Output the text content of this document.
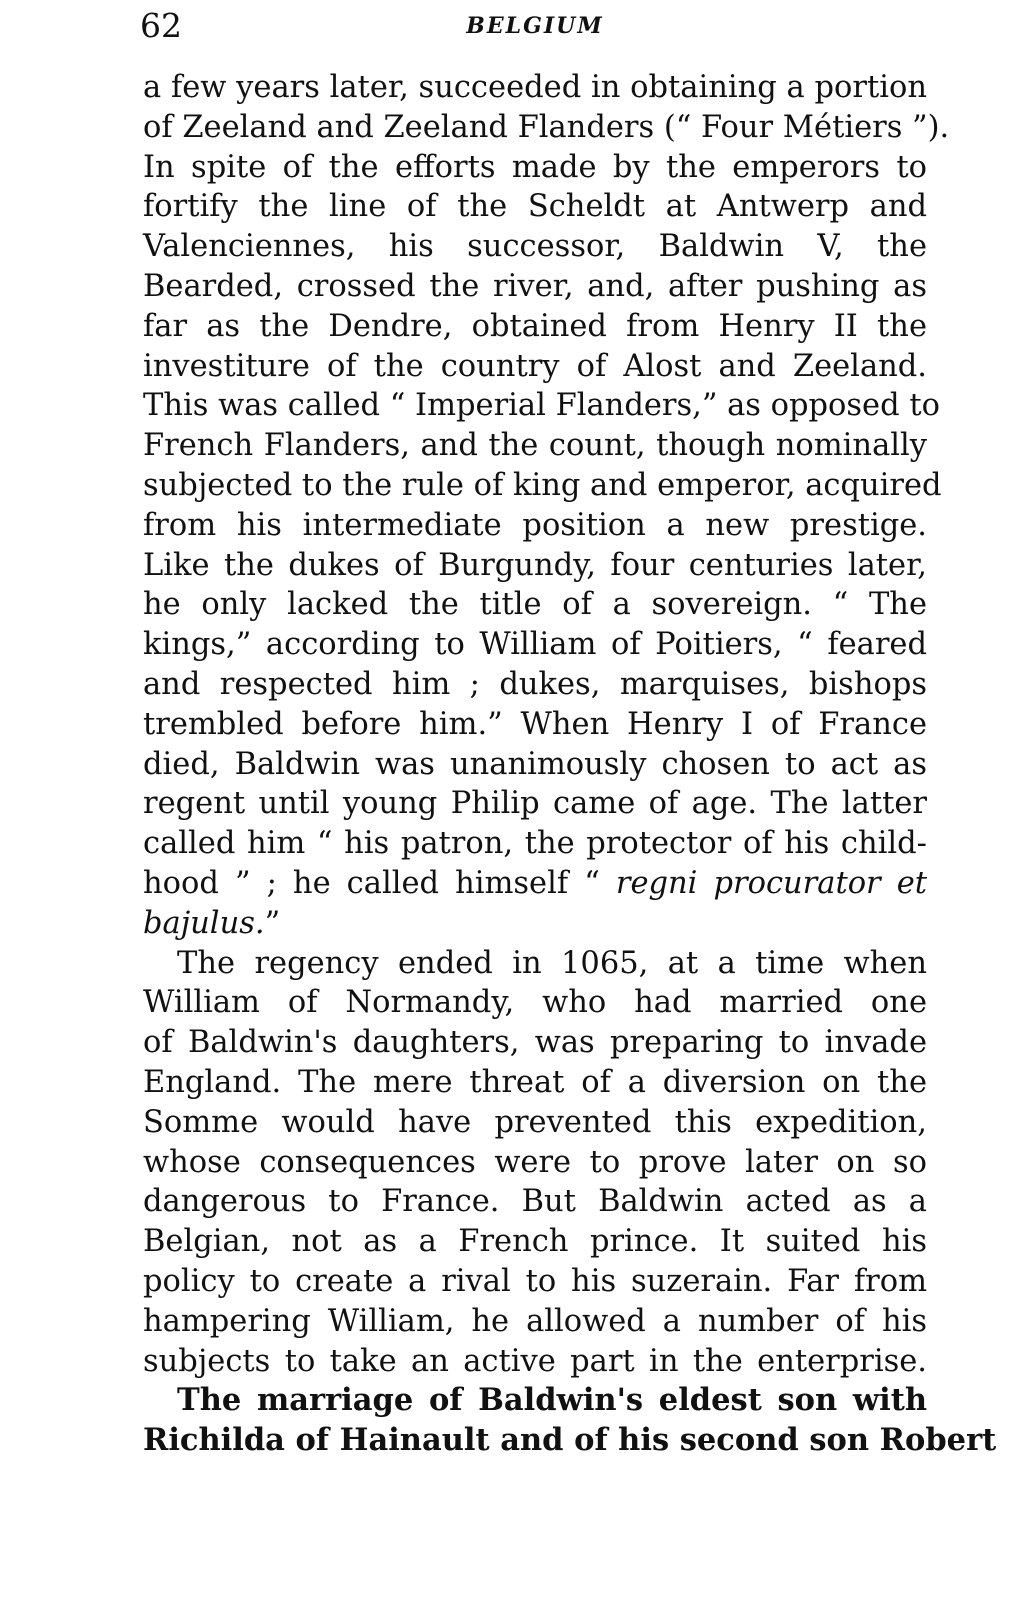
62	BELGIUM
a few years later, succeeded in obtaining a portion
of Zeeland and Zeeland Flanders (“ Four Métiers ”).
In spite of the efforts made by the emperors to
fortify the line of the Scheldt at Antwerp and
Valenciennes, his successor, Baldwin V, the
Bearded, crossed the river, and, after pushing as
far as the Dendre, obtained from Henry II the
investiture of the country of Alost and Zeeland.
This was called “ Imperial Flanders,” as opposed to
French Flanders, and the count, though nominally
subjected to the rule of king and emperor, acquired
from his intermediate position a new prestige.
Like the dukes of Burgundy, four centuries later,
he only lacked the title of a sovereign. “ The
kings,” according to William of Poitiers, “ feared
and respected him ; dukes, marquises, bishops
trembled before him.” When Henry I of France
died, Baldwin was unanimously chosen to act as
regent until young Philip came of age. The latter
called him “ his patron, the protector of his child-
hood ” ; he called himself “ regni procurator et
bajulus.”
The regency ended in 1065, at a time when
William of Normandy, who had married one
of Baldwin's daughters, was preparing to invade
England. The mere threat of a diversion on the
Somme would have prevented this expedition,
whose consequences were to prove later on so
dangerous to France. But Baldwin acted as a
Belgian, not as a French prince. It suited his
policy to create a rival to his suzerain. Far from
hampering William, he allowed a number of his
subjects to take an active part in the enterprise.
The marriage of Baldwin's eldest son with
Richilda of Hainault and of his second son Robert
